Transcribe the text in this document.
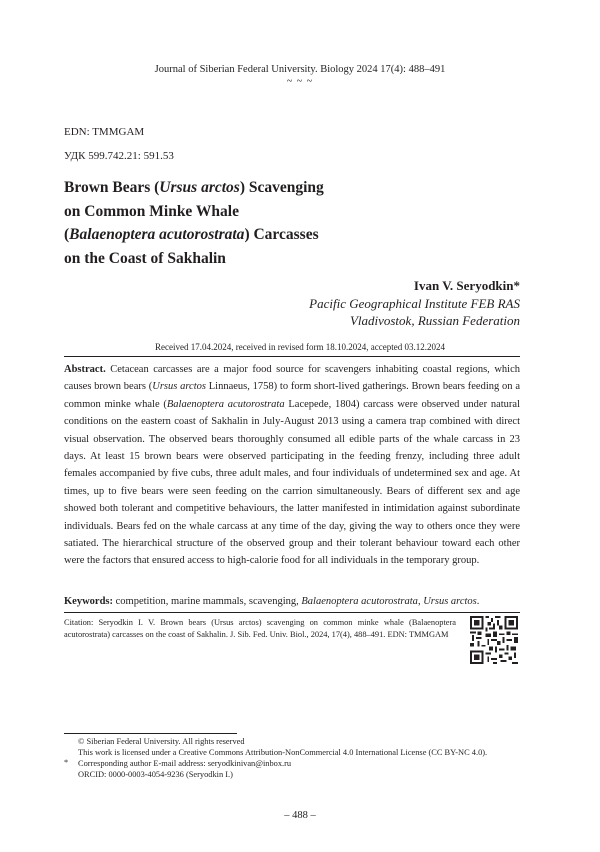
Journal of Siberian Federal University. Biology 2024 17(4): 488–491
~ ~ ~
EDN: TMMGAM
УДК 599.742.21: 591.53
Brown Bears (Ursus arctos) Scavenging
on Common Minke Whale
(Balaenoptera acutorostrata) Carcasses
on the Coast of Sakhalin
Ivan V. Seryodkin*
Pacific Geographical Institute FEB RAS
Vladivostok, Russian Federation
Received 17.04.2024, received in revised form 18.10.2024, accepted 03.12.2024
Abstract. Cetacean carcasses are a major food source for scavengers inhabiting coastal regions, which causes brown bears (Ursus arctos Linnaeus, 1758) to form short-lived gatherings. Brown bears feeding on a common minke whale (Balaenoptera acutorostrata Lacepede, 1804) carcass were observed under natural conditions on the eastern coast of Sakhalin in July-August 2013 using a camera trap combined with direct visual observation. The observed bears thoroughly consumed all edible parts of the whale carcass in 23 days. At least 15 brown bears were observed participating in the feeding frenzy, including three adult females accompanied by five cubs, three adult males, and four individuals of undetermined sex and age. At times, up to five bears were seen feeding on the carrion simultaneously. Bears of different sex and age showed both tolerant and competitive behaviours, the latter manifested in intimidation against subordinate individuals. Bears fed on the whale carcass at any time of the day, giving the way to others once they were satiated. The hierarchical structure of the observed group and their tolerant behaviour toward each other were the factors that ensured access to high-calorie food for all individuals in the temporary group.
Keywords: competition, marine mammals, scavenging, Balaenoptera acutorostrata, Ursus arctos.
Citation: Seryodkin I. V. Brown bears (Ursus arctos) scavenging on common minke whale (Balaenoptera acutorostrata) carcasses on the coast of Sakhalin. J. Sib. Fed. Univ. Biol., 2024, 17(4), 488–491. EDN: TMMGAM
© Siberian Federal University. All rights reserved
This work is licensed under a Creative Commons Attribution-NonCommercial 4.0 International License (CC BY-NC 4.0).
* Corresponding author E-mail address: seryodkinivan@inbox.ru
ORCID: 0000-0003-4054-9236 (Seryodkin I.)
– 488 –
